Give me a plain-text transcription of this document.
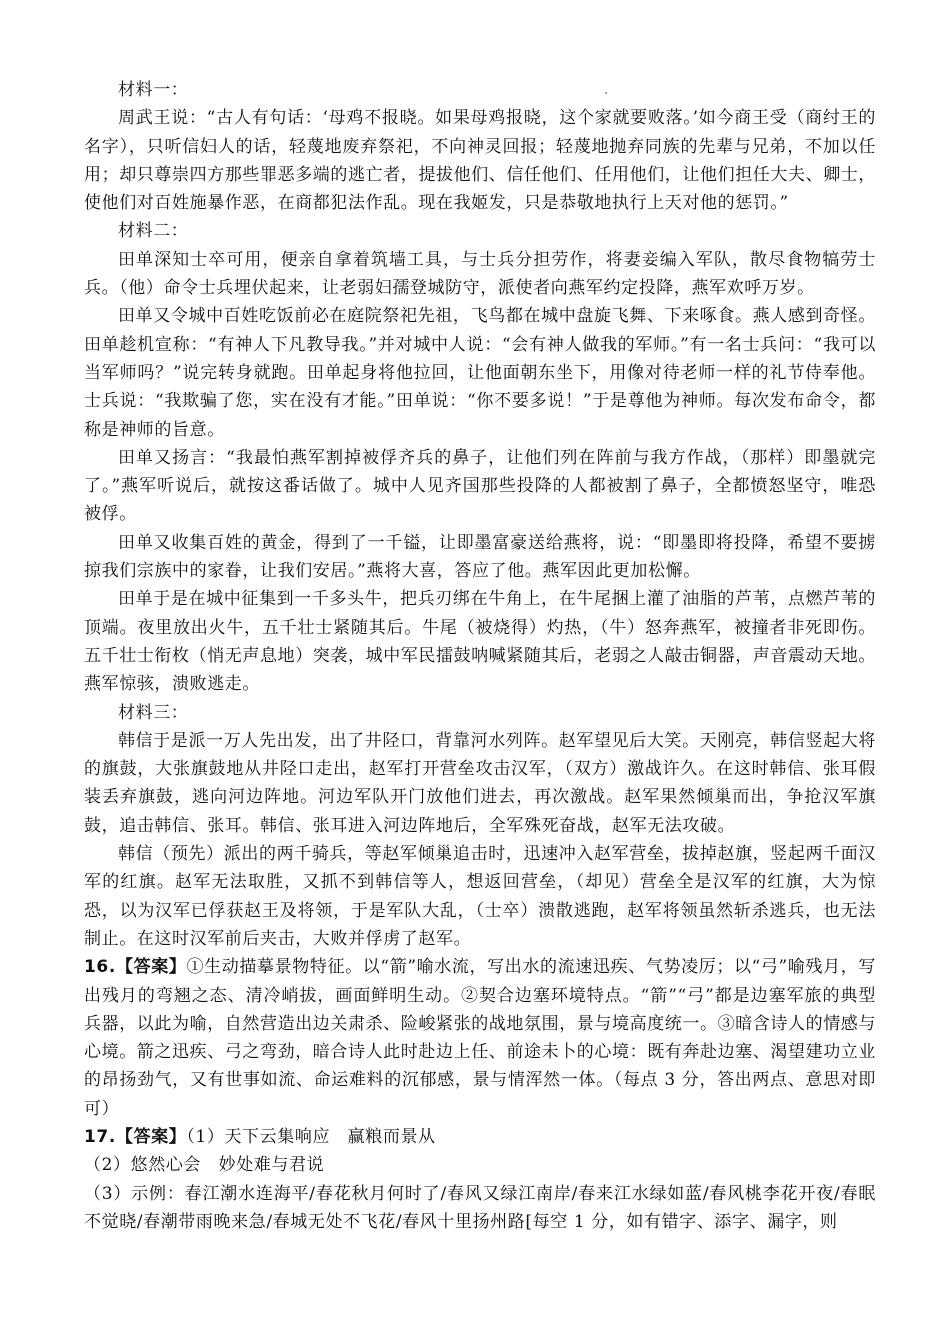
材料一：

周武王说：“古人有句话：‘母鸡不报晓。如果母鸡报晓，这个家就要败落。’如今商王受（商纣王的名字），只听信妇人的话，轻蔑地废弃祭祀，不向神灵回报；轻蔑地抛弃同族的先辈与兄弟，不加以任用；却只尊崇四方那些罪恶多端的逃亡者，提拔他们、信任他们、任用他们，让他们担任大夫、卿士，使他们对百姓施暴作恶，在商都犯法作乱。现在我姬发，只是恭敬地执行上天对他的惩罚。”

材料二：

田单深知士卒可用，便亲自拿着筑墙工具，与士兵分担劳作，将妻妾编入军队，散尽食物犒劳士兵。（他）命令士兵埋伏起来，让老弱妇孺登城防守，派使者向燕军约定投降，燕军欢呼万岁。

田单又令城中百姓吃饭前必在庭院祭祀先祖，飞鸟都在城中盘旋飞舞、下来啄食。燕人感到奇怪。田单趁机宣称：“有神人下凡教导我。”并对城中人说：“会有神人做我的军师。”有一名士兵问：“我可以当军师吗？”说完转身就跑。田单起身将他拉回，让他面朝东坐下，用像对待老师一样的礼节侍奉他。士兵说：“我欺骗了您，实在没有才能。”田单说：“你不要多说！”于是尊他为神师。每次发布命令，都称是神师的旨意。

田单又扬言：“我最怕燕军割掉被俘齐兵的鼻子，让他们列在阵前与我方作战，（那样）即墨就完了。”燕军听说后，就按这番话做了。城中人见齐国那些投降的人都被割了鼻子，全都愤怒坚守，唯恐被俘。

田单又收集百姓的黄金，得到了一千镒，让即墨富豪送给燕将，说：“即墨即将投降，希望不要掳掠我们宗族中的家眷，让我们安居。”燕将大喜，答应了他。燕军因此更加松懈。

田单于是在城中征集到一千多头牛，把兵刃绑在牛角上，在牛尾捆上灌了油脂的芦苇，点燃芦苇的顶端。夜里放出火牛，五千壮士紧随其后。牛尾（被烧得）灼热，（牛）怒奔燕军，被撞者非死即伤。五千壮士衔枚（悄无声息地）突袭，城中军民擂鼓呐喊紧随其后，老弱之人敲击铜器，声音震动天地。燕军惊骇，溃败逃走。

材料三：

韩信于是派一万人先出发，出了井陉口，背靠河水列阵。赵军望见后大笑。天刚亮，韩信竖起大将的旗鼓，大张旗鼓地从井陉口走出，赵军打开营垒攻击汉军，（双方）激战许久。在这时韩信、张耳假装丢弃旗鼓，逃向河边阵地。河边军队开门放他们进去，再次激战。赵军果然倾巢而出，争抢汉军旗鼓，追击韩信、张耳。韩信、张耳进入河边阵地后，全军殊死奋战，赵军无法攻破。

韩信（预先）派出的两千骑兵，等赵军倾巢追击时，迅速冲入赵军营垒，拔掉赵旗，竖起两千面汉军的红旗。赵军无法取胜，又抓不到韩信等人，想返回营垒，（却见）营垒全是汉军的红旗，大为惊恐，以为汉军已俘获赵王及将领，于是军队大乱，（士卒）溃散逃跑，赵军将领虽然斩杀逃兵，也无法制止。在这时汉军前后夹击，大败并俘虏了赵军。

16.【答案】①生动描摹景物特征。以“箭”喻水流，写出水的流速迅疾、气势凌厉；以“弓”喻残月，写出残月的弯翘之态、清冷峭拔，画面鲜明生动。②契合边塞环境特点。“箭”“弓”都是边塞军旅的典型兵器，以此为喻，自然营造出边关肃杀、险峻紧张的战地氛围，景与境高度统一。③暗含诗人的情感与心境。箭之迅疾、弓之弯劲，暗合诗人此时赴边上任、前途未卜的心境：既有奔赴边塞、渴望建功立业的昂扬劲气，又有世事如流、命运难料的沉郁感，景与情浑然一体。（每点 3 分，答出两点、意思对即可）

17.【答案】（1）天下云集响应　赢粮而景从

（2）悠然心会　妙处难与君说

（3）示例：春江潮水连海平/春花秋月何时了/春风又绿江南岸/春来江水绿如蓝/春风桃李花开夜/春眠不觉晓/春潮带雨晚来急/春城无处不飞花/春风十里扬州路[每空 1 分，如有错字、添字、漏字，则
